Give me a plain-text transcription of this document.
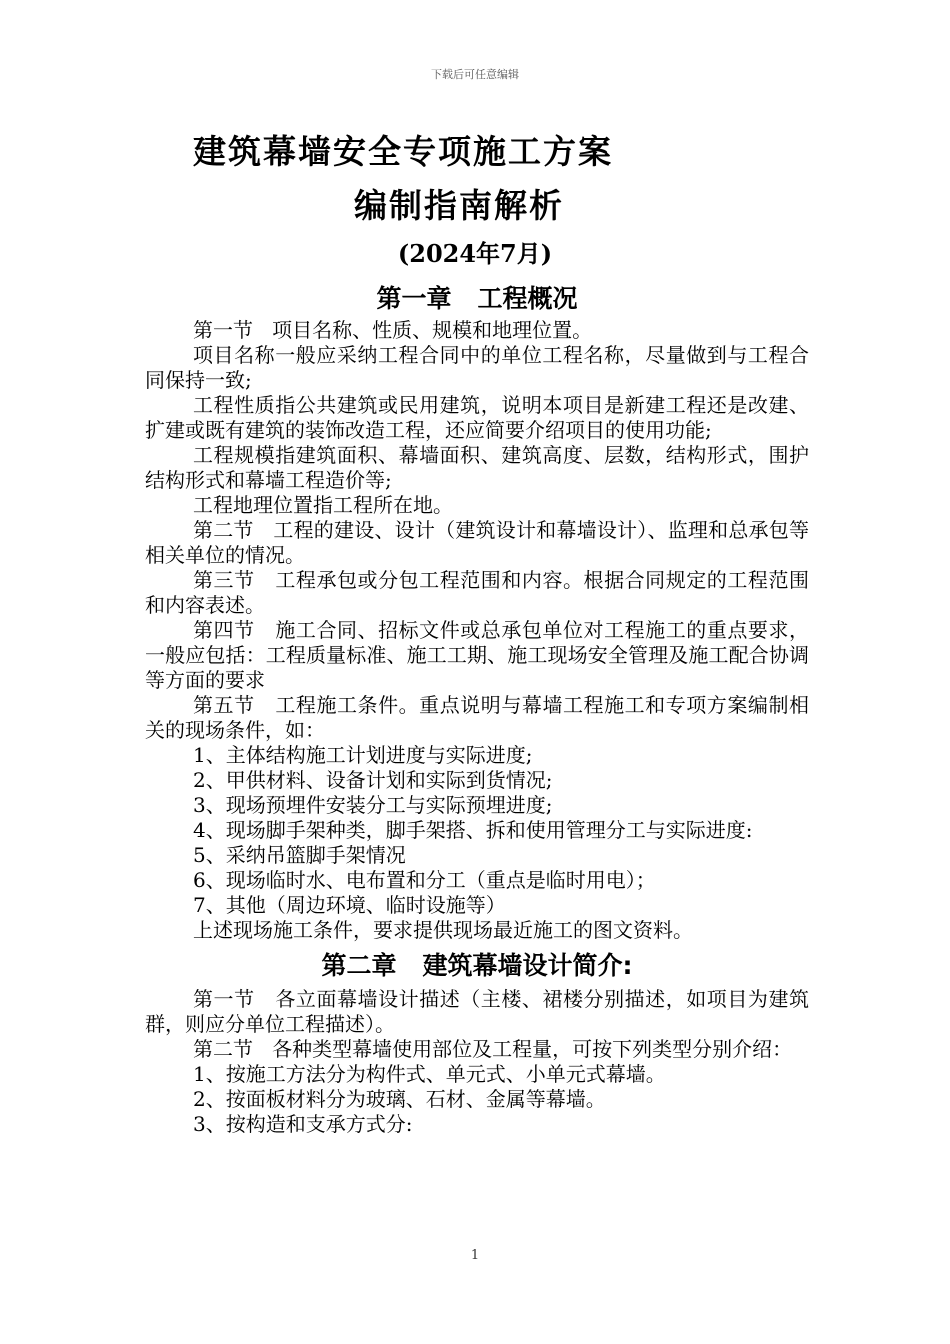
下载后可任意编辑
建筑幕墙安全专项施工方案
编制指南解析
(2024年7月)
第一章   工程概况

第一节   项目名称、性质、规模和地理位置。

项目名称一般应采纳工程合同中的单位工程名称，尽量做到与工程合同保持一致;

工程性质指公共建筑或民用建筑，说明本项目是新建工程还是改建、扩建或既有建筑的装饰改造工程，还应简要介绍项目的使用功能;

工程规模指建筑面积、幕墙面积、建筑高度、层数，结构形式，围护结构形式和幕墙工程造价等;

工程地理位置指工程所在地。

第二节   工程的建设、设计（建筑设计和幕墙设计）、监理和总承包等相关单位的情况。

第三节   工程承包或分包工程范围和内容。根据合同规定的工程范围和内容表述。

第四节   施工合同、招标文件或总承包单位对工程施工的重点要求，一般应包括：工程质量标准、施工工期、施工现场安全管理及施工配合协调等方面的要求

第五节   工程施工条件。重点说明与幕墙工程施工和专项方案编制相关的现场条件，如：

1、主体结构施工计划进度与实际进度;

2、甲供材料、设备计划和实际到货情况;

3、现场预埋件安装分工与实际预埋进度;

4、现场脚手架种类，脚手架搭、拆和使用管理分工与实际进度:

5、采纳吊篮脚手架情况

6、现场临时水、电布置和分工（重点是临时用电）；

7、其他（周边环境、临时设施等）

上述现场施工条件，要求提供现场最近施工的图文资料。

第二章   建筑幕墙设计简介:

第一节   各立面幕墙设计描述（主楼、裙楼分别描述，如项目为建筑群，则应分单位工程描述）。

第二节   各种类型幕墙使用部位及工程量，可按下列类型分别介绍：

1、按施工方法分为构件式、单元式、小单元式幕墙。

2、按面板材料分为玻璃、石材、金属等幕墙。

3、按构造和支承方式分:

1
